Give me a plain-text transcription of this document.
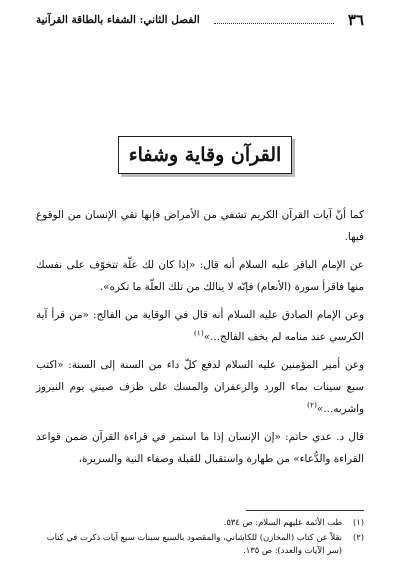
٣٦
الفصل الثاني: الشفاء بالطاقة القرآنية
القرآن وقاية وشفاء

كما أنّ آيات القرآن الكريم تشفي من الأمراض فإنها تقي الإنسان من الوقوع فيها.

عن الإمام الباقر عليه السلام أنه قال: «إذا كان لك علّة تتخوّف على نفسك منها فاقرأ سورة (الأنعام) فإنّه لا ينالك من تلك العلّة ما تكره».

وعن الإمام الصادق عليه السلام أنه قال في الوقاية من الفالج: «من قرأ آية الكرسي عند منامه لم يخف الفالج...»$^{(١)}$

وعن أمير المؤمنين عليه السلام لدفع كلّ داء من السنة إلى السنة: «اكتب سبع سينات بماء الورد والزعفران والمسك على ظرف صيني يوم النيروز واشربه...»$^{(٢)}$

قال د. عدي حاتم: «إن الإنسان إذا ما استمر في قراءة القرآن ضمن قواعد القراءة والدُّعاء» من طهارة واستقبال للقبلة وصفاء النية والسريرة،

(١)
طب الأئمة عليهم السلام: ص ٥٣٤.

(٢)
نقلاً عن كتاب (المخازن) للكاشاني، والمقصود بالسبع سينات سبع آيات ذكرت في كتاب (سر الآيات والعدد): ص ١٣٥.
